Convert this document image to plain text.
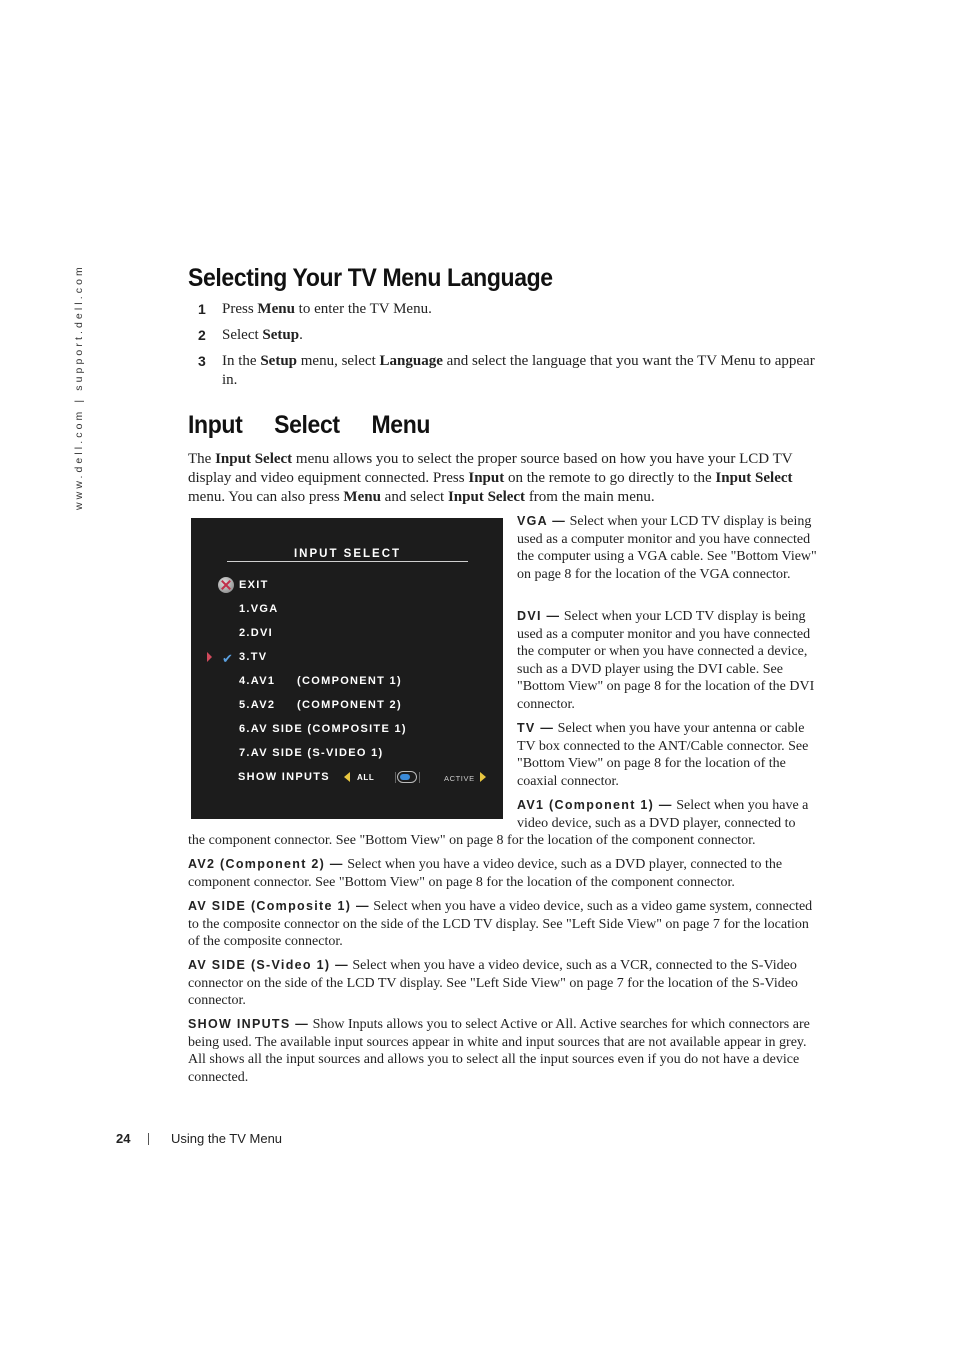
www.dell.com | support.dell.com	Selecting Your TV Menu Language
1	Press Menu to enter the TV Menu.
2	Select Setup.
3	In the Setup menu, select Language and select the language that you want the TV Menu to appear in.
Input Select Menu

The Input Select menu allows you to select the proper source based on how you have your LCD TV display and video equipment connected. Press Input on the remote to go directly to the Input Select menu. You can also press Menu and select Input Select from the main menu.

INPUT SELECT
EXIT
1.VGA
2.DVI
✔ 3.TV
4.AV1     (COMPONENT 1)
5.AV2     (COMPONENT 2)
6.AV SIDE (COMPOSITE 1)
7.AV SIDE (S-VIDEO 1)
SHOW INPUTS	ALL	ACTIVE

VGA — Select when your LCD TV display is being used as a computer monitor and you have connected the computer using a VGA cable. See "Bottom View" on page 8 for the location of the VGA connector.

DVI — Select when your LCD TV display is being used as a computer monitor and you have connected the computer or when you have connected a device, such as a DVD player using the DVI cable. See "Bottom View" on page 8 for the location of the DVI connector.

TV — Select when you have your antenna or cable TV box connected to the ANT/Cable connector. See "Bottom View" on page 8 for the location of the coaxial connector.

AV1 (Component 1) — Select when you have a video device, such as a DVD player, connected to

the component connector. See "Bottom View" on page 8 for the location of the component connector.

AV2 (Component 2) — Select when you have a video device, such as a DVD player, connected to the component connector. See "Bottom View" on page 8 for the location of the component connector.

AV SIDE (Composite 1) — Select when you have a video device, such as a video game system, connected to the composite connector on the side of the LCD TV display. See "Left Side View" on page 7 for the location of the composite connector.

AV SIDE (S-Video 1) — Select when you have a video device, such as a VCR, connected to the S-Video connector on the side of the LCD TV display. See "Left Side View" on page 7 for the location of the S-Video connector.

SHOW INPUTS — Show Inputs allows you to select Active or All. Active searches for which connectors are being used. The available input sources appear in white and input sources that are not available appear in grey. All shows all the input sources and allows you to select all the input sources even if you do not have a device connected.

24	Using the TV Menu
